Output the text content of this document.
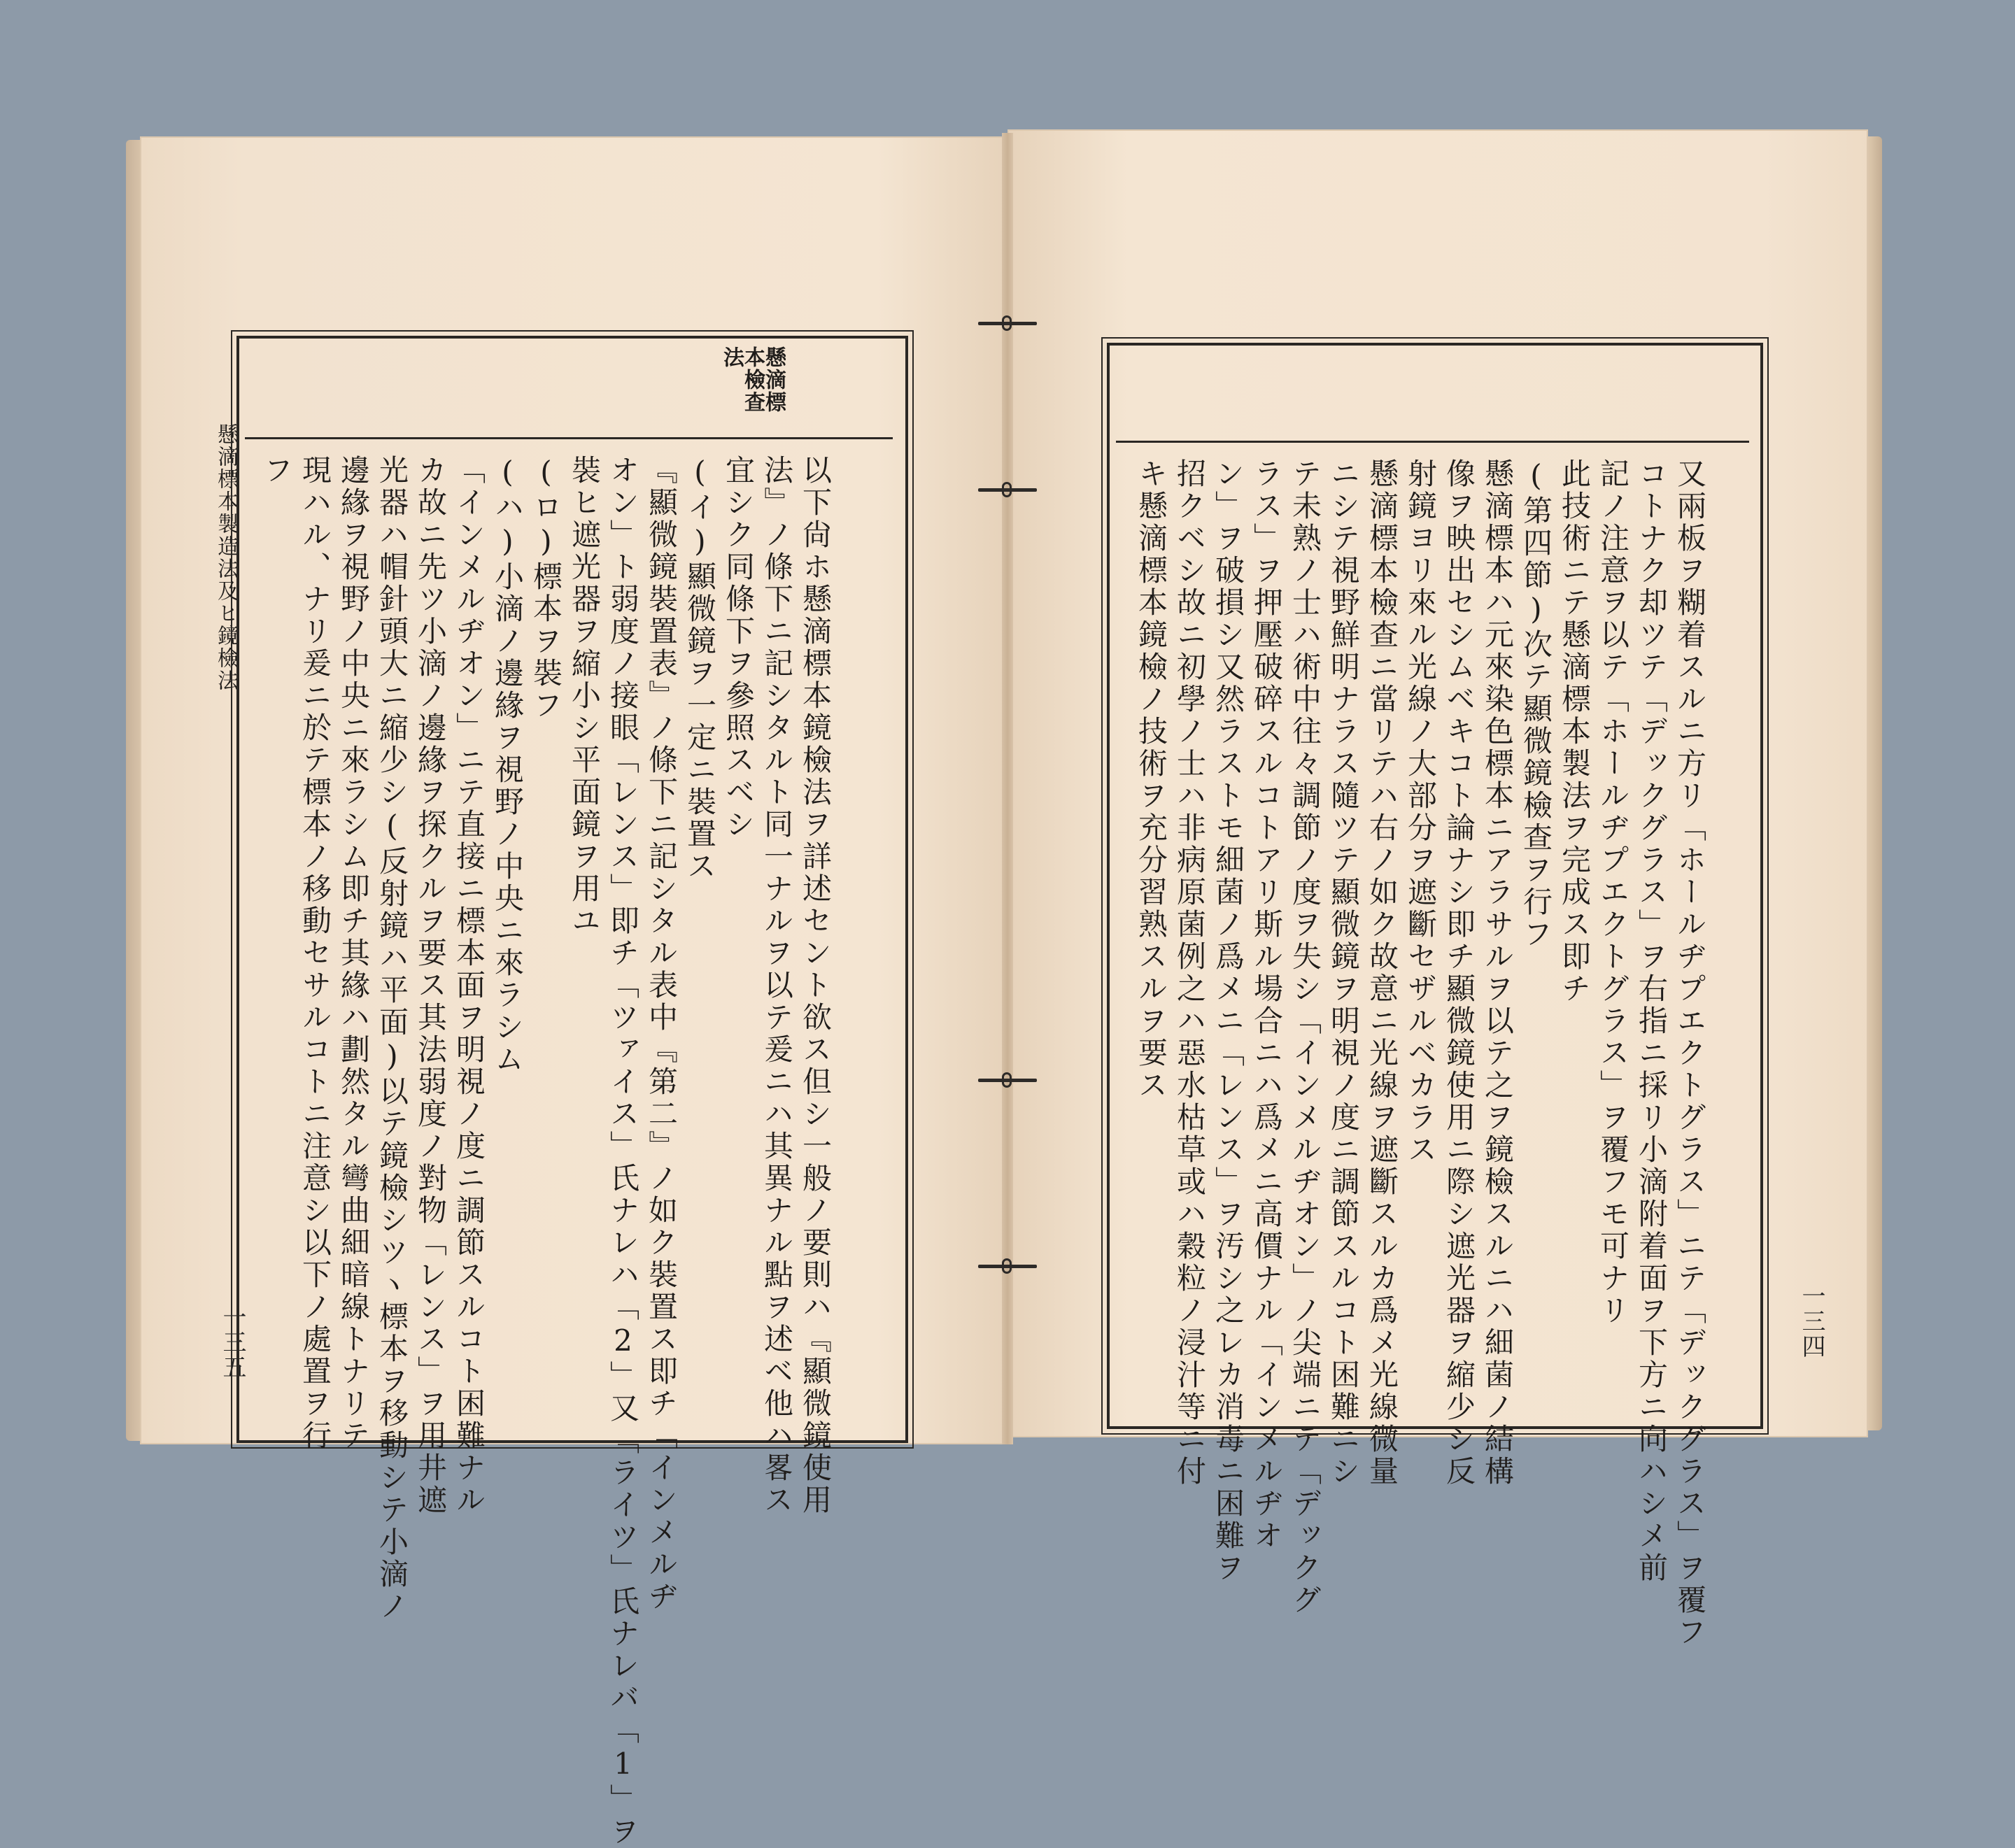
懸滴標本製造法及ヒ鏡檢法
一三五
懸滴標本檢查法
以下尙ホ懸滴標本鏡檢法ヲ詳述セント欲ス但シ一般ノ要則ハ『顯微鏡使用
法』ノ條下ニ記シタルト同一ナルヲ以テ爰ニハ其異ナル點ヲ述ベ他ハ畧ス
宜シク同條下ヲ參照スベシ
(イ)顯微鏡ヲ一定ニ裝置ス
『顯微鏡裝置表』ノ條下ニ記シタル表中『第二』ノ如ク裝置ス即チ「インメルヂ
オン」ト弱度ノ接眼「レンス」即チ「ツァイス」氏ナレハ「2」又「ライツ」氏ナレバ「1」ヲ
裝ヒ遮光器ヲ縮小シ平面鏡ヲ用ユ
(ロ)標本ヲ裝フ
(ハ)小滴ノ邊緣ヲ視野ノ中央ニ來ラシム
「インメルヂオン」ニテ直接ニ標本面ヲ明視ノ度ニ調節スルコト困難ナル
カ故ニ先ツ小滴ノ邊緣ヲ探クルヲ要ス其法弱度ノ對物「レンス」ヲ用井遮
光器ハ帽針頭大ニ縮少シ(反射鏡ハ平面)以テ鏡檢シツヽ標本ヲ移動シテ小滴ノ
邊緣ヲ視野ノ中央ニ來ラシム即チ其緣ハ劃然タル彎曲細暗線トナリテ
現ハル、ナリ爰ニ於テ標本ノ移動セサルコトニ注意シ以下ノ處置ヲ行
フ
一三四
又兩板ヲ糊着スルニ方リ「ホールヂプエクトグラス」ニテ「デックグラス」ヲ覆フ
コトナク却ツテ「デックグラス」ヲ右指ニ採リ小滴附着面ヲ下方ニ向ハシメ前
記ノ注意ヲ以テ「ホールヂプエクトグラス」ヲ覆フモ可ナリ
此技術ニテ懸滴標本製法ヲ完成ス即チ
(第四節)次テ顯微鏡檢查ヲ行フ
懸滴標本ハ元來染色標本ニアラサルヲ以テ之ヲ鏡檢スルニハ細菌ノ結構
像ヲ映出セシムベキコト論ナシ即チ顯微鏡使用ニ際シ遮光器ヲ縮少シ反
射鏡ヨリ來ル光線ノ大部分ヲ遮斷セザルベカラス
懸滴標本檢查ニ當リテハ右ノ如ク故意ニ光線ヲ遮斷スルカ爲メ光線微量
ニシテ視野鮮明ナラス隨ツテ顯微鏡ヲ明視ノ度ニ調節スルコト困難ニシ
テ未熟ノ士ハ術中往々調節ノ度ヲ失シ「インメルヂオン」ノ尖端ニテ「デックグ
ラス」ヲ押壓破碎スルコトアリ斯ル場合ニハ爲メニ高價ナル「インメルヂオ
ン」ヲ破損シ又然ラストモ細菌ノ爲メニ「レンス」ヲ汚シ之レカ消毒ニ困難ヲ
招クベシ故ニ初學ノ士ハ非病原菌例之ハ惡水枯草或ハ穀粒ノ浸汁等ニ付
キ懸滴標本鏡檢ノ技術ヲ充分習熟スルヲ要ス
